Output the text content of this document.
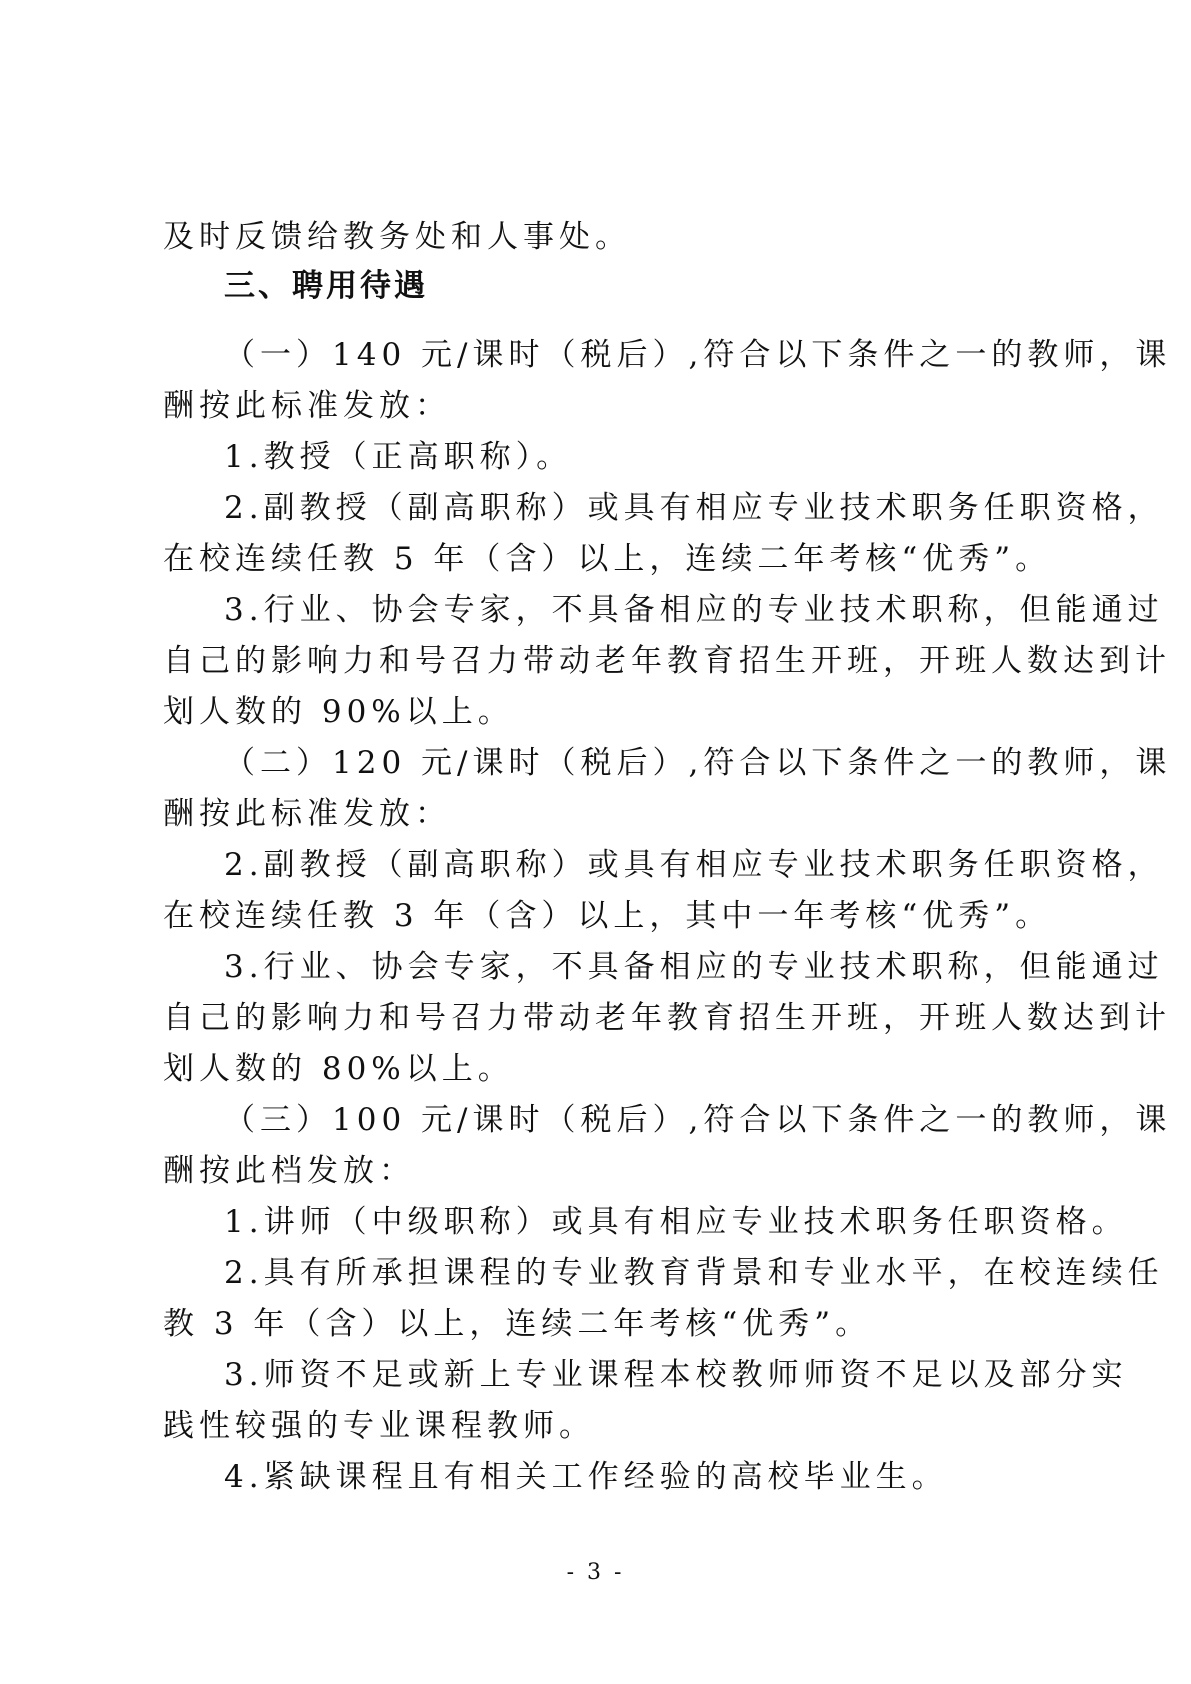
及时反馈给教务处和人事处。
三、聘用待遇
（一）140 元/课时（税后）,符合以下条件之一的教师，课
酬按此标准发放：
1.教授（正高职称）。
2.副教授（副高职称）或具有相应专业技术职务任职资格，
在校连续任教 5 年（含）以上，连续二年考核“优秀”。
3.行业、协会专家，不具备相应的专业技术职称，但能通过
自己的影响力和号召力带动老年教育招生开班，开班人数达到计
划人数的 90%以上。
（二）120 元/课时（税后）,符合以下条件之一的教师，课
酬按此标准发放：
2.副教授（副高职称）或具有相应专业技术职务任职资格，
在校连续任教 3 年（含）以上，其中一年考核“优秀”。
3.行业、协会专家，不具备相应的专业技术职称，但能通过
自己的影响力和号召力带动老年教育招生开班，开班人数达到计
划人数的 80%以上。
（三）100 元/课时（税后）,符合以下条件之一的教师，课
酬按此档发放：
1.讲师（中级职称）或具有相应专业技术职务任职资格。
2.具有所承担课程的专业教育背景和专业水平，在校连续任
教 3 年（含）以上，连续二年考核“优秀”。
3.师资不足或新上专业课程本校教师师资不足以及部分实
践性较强的专业课程教师。
4.紧缺课程且有相关工作经验的高校毕业生。
- 3 -
